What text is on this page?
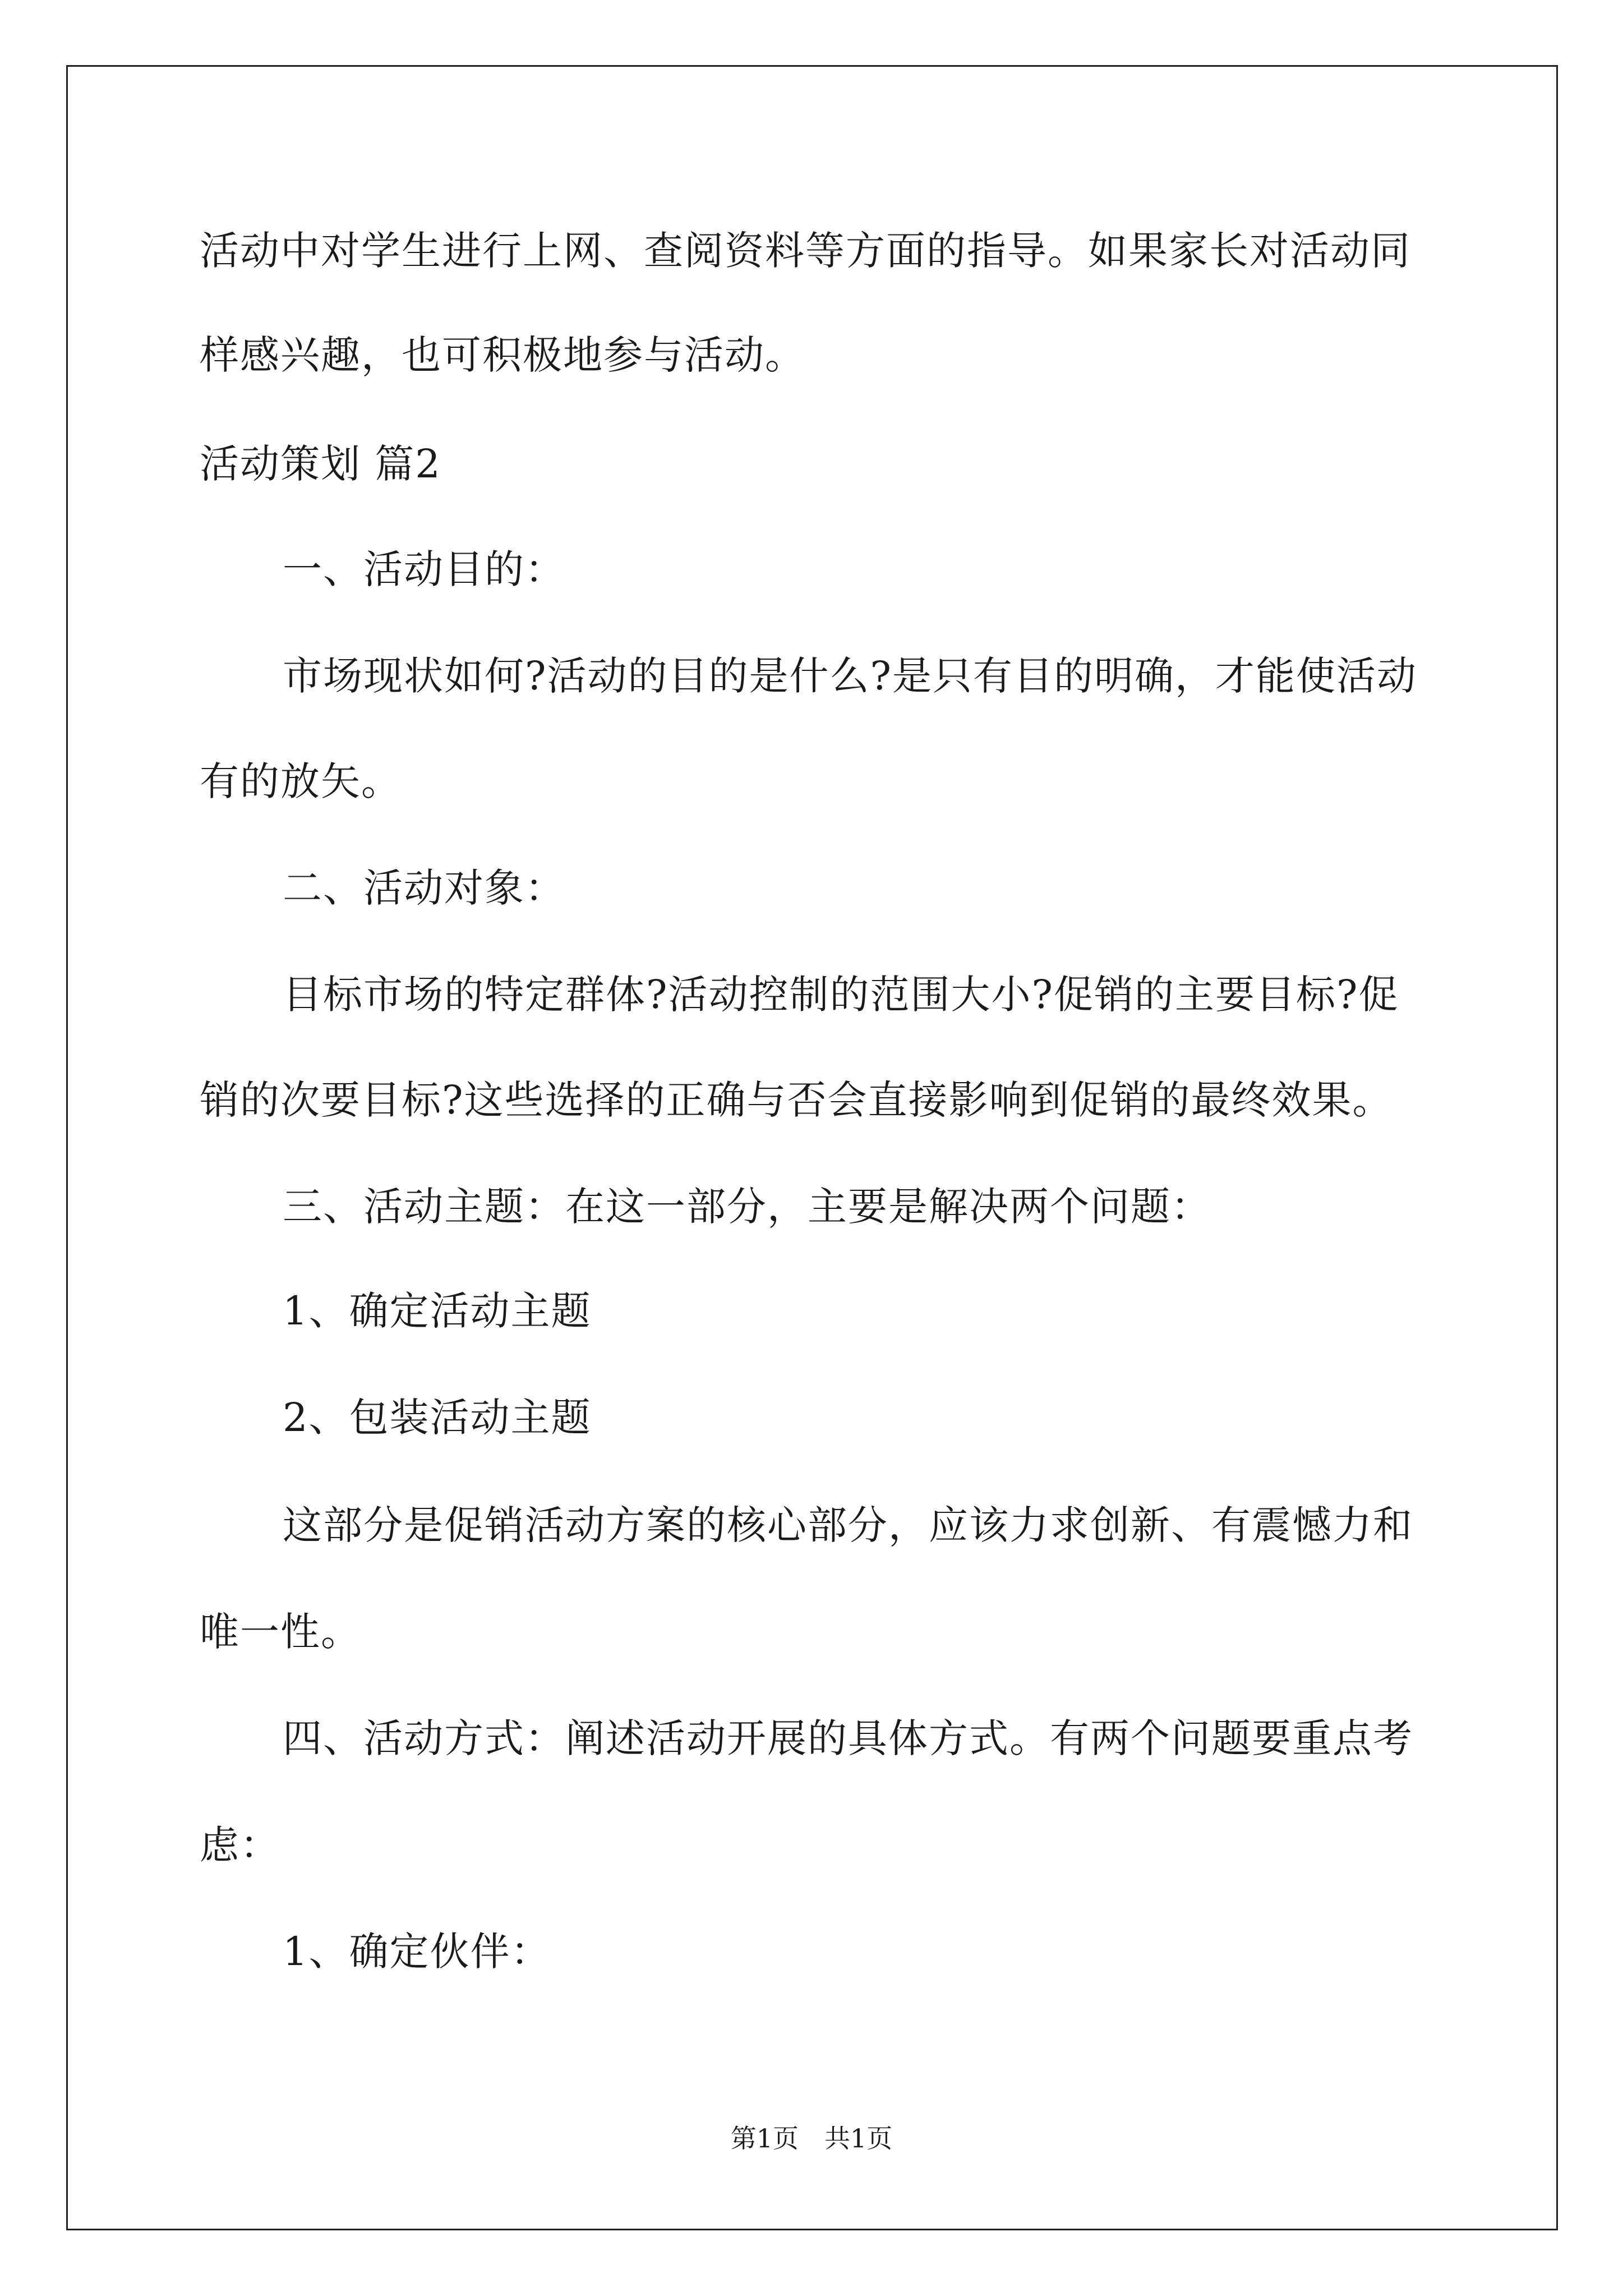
活动中对学生进行上网、查阅资料等方面的指导。如果家长对活动同
样感兴趣，也可积极地参与活动。
活动策划 篇2
一、活动目的：
市场现状如何?活动的目的是什么?是只有目的明确，才能使活动
有的放矢。
二、活动对象：
目标市场的特定群体?活动控制的范围大小?促销的主要目标?促
销的次要目标?这些选择的正确与否会直接影响到促销的最终效果。
三、活动主题：在这一部分，主要是解决两个问题：
1、确定活动主题
2、包装活动主题
这部分是促销活动方案的核心部分，应该力求创新、有震憾力和
唯一性。
四、活动方式：阐述活动开展的具体方式。有两个问题要重点考
虑：
1、确定伙伴：
第1页　共1页
